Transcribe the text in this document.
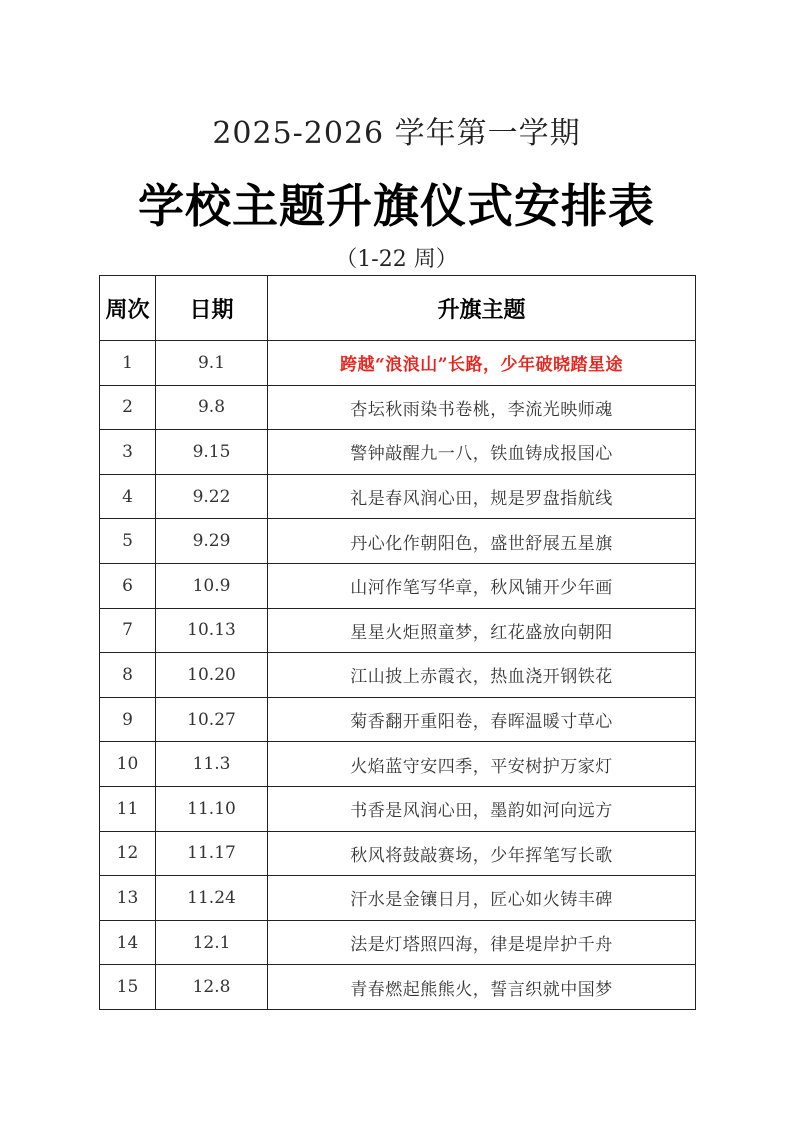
2025-2026 学年第一学期
学校主题升旗仪式安排表
（1-22 周）
周次	日期	升旗主题
1	9.1	跨越“浪浪山”长路，少年破晓踏星途
2	9.8	杏坛秋雨染书卷桃，李流光映师魂
3	9.15	警钟敲醒九一八，铁血铸成报国心
4	9.22	礼是春风润心田，规是罗盘指航线
5	9.29	丹心化作朝阳色，盛世舒展五星旗
6	10.9	山河作笔写华章，秋风铺开少年画
7	10.13	星星火炬照童梦，红花盛放向朝阳
8	10.20	江山披上赤霞衣，热血浇开钢铁花
9	10.27	菊香翻开重阳卷，春晖温暖寸草心
10	11.3	火焰蓝守安四季，平安树护万家灯
11	11.10	书香是风润心田，墨韵如河向远方
12	11.17	秋风将鼓敲赛场，少年挥笔写长歌
13	11.24	汗水是金镶日月，匠心如火铸丰碑
14	12.1	法是灯塔照四海，律是堤岸护千舟
15	12.8	青春燃起熊熊火，誓言织就中国梦
